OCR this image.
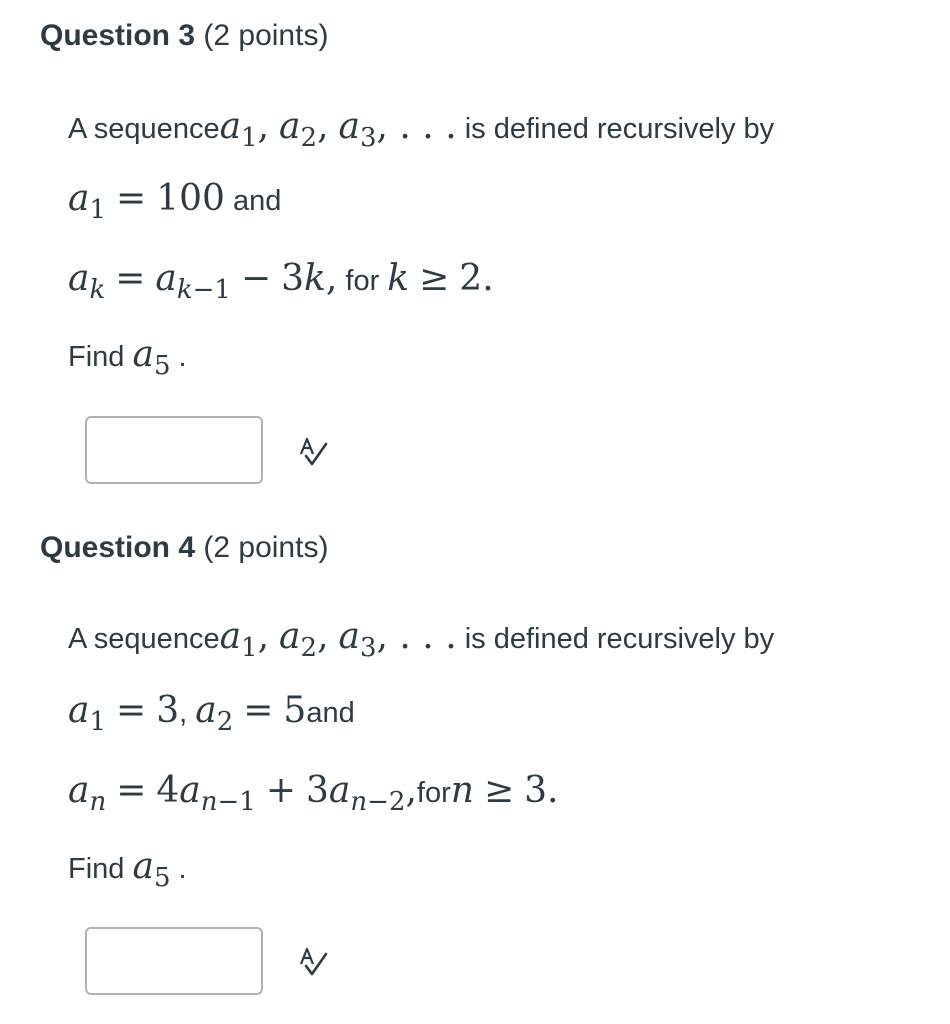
Question 3 (2 points)
A sequencea1, a2, a3, . . . is defined recursively by
a1 = 100 and
ak = ak−1 − 3k, for k ≥ 2.
Find a5 .
Question 4 (2 points)
A sequencea1, a2, a3, . . . is defined recursively by
a1 = 3, a2 = 5and
an = 4an−1 + 3an−2,forn ≥ 3.
Find a5 .
